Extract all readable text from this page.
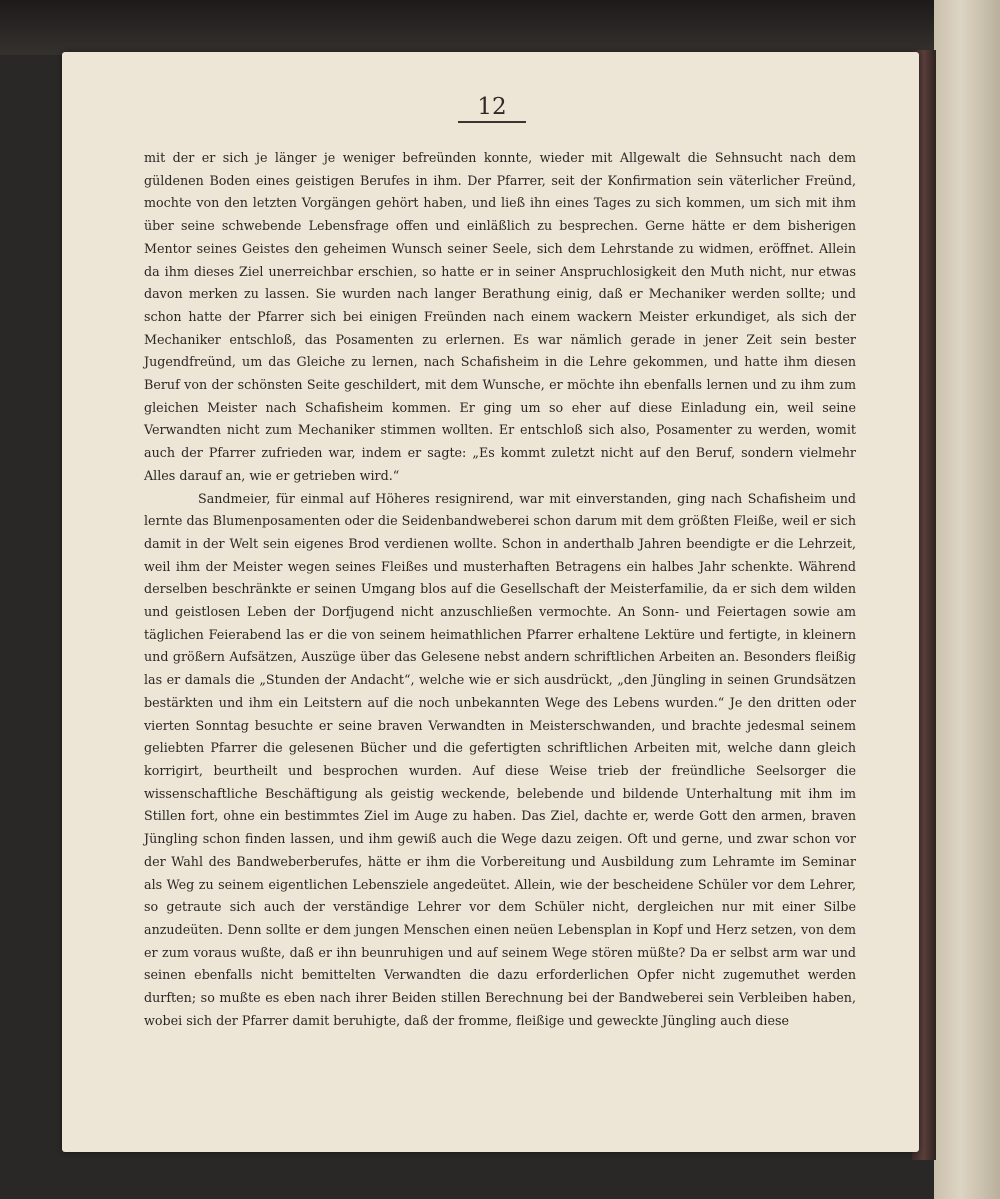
12

mit der er sich je länger je weniger befreünden konnte, wieder mit Allgewalt die Sehnsucht nach dem güldenen Boden eines geistigen Berufes in ihm. Der Pfarrer, seit der Konfirmation sein väterlicher Freünd, mochte von den letzten Vorgängen gehört haben, und ließ ihn eines Tages zu sich kommen, um sich mit ihm über seine schwebende Lebensfrage offen und einläßlich zu besprechen. Gerne hätte er dem bisherigen Mentor seines Geistes den geheimen Wunsch seiner Seele, sich dem Lehrstande zu widmen, eröffnet. Allein da ihm dieses Ziel unerreichbar erschien, so hatte er in seiner Anspruchlosigkeit den Muth nicht, nur etwas davon merken zu lassen. Sie wurden nach langer Berathung einig, daß er Mechaniker werden sollte; und schon hatte der Pfarrer sich bei einigen Freünden nach einem wackern Meister erkundiget, als sich der Mechaniker entschloß, das Posamenten zu erlernen. Es war nämlich gerade in jener Zeit sein bester Jugendfreünd, um das Gleiche zu lernen, nach Schafisheim in die Lehre gekommen, und hatte ihm diesen Beruf von der schönsten Seite geschildert, mit dem Wunsche, er möchte ihn ebenfalls lernen und zu ihm zum gleichen Meister nach Schafisheim kommen. Er ging um so eher auf diese Einladung ein, weil seine Verwandten nicht zum Mechaniker stimmen wollten. Er entschloß sich also, Posamenter zu werden, womit auch der Pfarrer zufrieden war, indem er sagte: „Es kommt zuletzt nicht auf den Beruf, sondern vielmehr Alles darauf an, wie er getrieben wird.“

Sandmeier, für einmal auf Höheres resignirend, war mit einverstanden, ging nach Schafisheim und lernte das Blumenposamenten oder die Seidenbandweberei schon darum mit dem größten Fleiße, weil er sich damit in der Welt sein eigenes Brod verdienen wollte. Schon in anderthalb Jahren beendigte er die Lehrzeit, weil ihm der Meister wegen seines Fleißes und musterhaften Betragens ein halbes Jahr schenkte. Während derselben beschränkte er seinen Umgang blos auf die Gesellschaft der Meisterfamilie, da er sich dem wilden und geistlosen Leben der Dorfjugend nicht anzuschließen vermochte. An Sonn- und Feiertagen sowie am täglichen Feierabend las er die von seinem heimathlichen Pfarrer erhaltene Lektüre und fertigte, in kleinern und größern Aufsätzen, Auszüge über das Gelesene nebst andern schriftlichen Arbeiten an. Besonders fleißig las er damals die „Stunden der Andacht“, welche wie er sich ausdrückt, „den Jüngling in seinen Grundsätzen bestärkten und ihm ein Leitstern auf die noch unbekannten Wege des Lebens wurden.“ Je den dritten oder vierten Sonntag besuchte er seine braven Verwandten in Meisterschwanden, und brachte jedesmal seinem geliebten Pfarrer die gelesenen Bücher und die gefertigten schriftlichen Arbeiten mit, welche dann gleich korrigirt, beurtheilt und besprochen wurden. Auf diese Weise trieb der freündliche Seelsorger die wissenschaftliche Beschäftigung als geistig weckende, belebende und bildende Unterhaltung mit ihm im Stillen fort, ohne ein bestimmtes Ziel im Auge zu haben. Das Ziel, dachte er, werde Gott den armen, braven Jüngling schon finden lassen, und ihm gewiß auch die Wege dazu zeigen. Oft und gerne, und zwar schon vor der Wahl des Bandweberberufes, hätte er ihm die Vorbereitung und Ausbildung zum Lehramte im Seminar als Weg zu seinem eigentlichen Lebensziele angedeütet. Allein, wie der bescheidene Schüler vor dem Lehrer, so getraute sich auch der verständige Lehrer vor dem Schüler nicht, dergleichen nur mit einer Silbe anzudeüten. Denn sollte er dem jungen Menschen einen neüen Lebensplan in Kopf und Herz setzen, von dem er zum voraus wußte, daß er ihn beunruhigen und auf seinem Wege stören müßte? Da er selbst arm war und seinen ebenfalls nicht bemittelten Verwandten die dazu erforderlichen Opfer nicht zugemuthet werden durften; so mußte es eben nach ihrer Beiden stillen Berechnung bei der Bandweberei sein Verbleiben haben, wobei sich der Pfarrer damit beruhigte, daß der fromme, fleißige und geweckte Jüngling auch diese
